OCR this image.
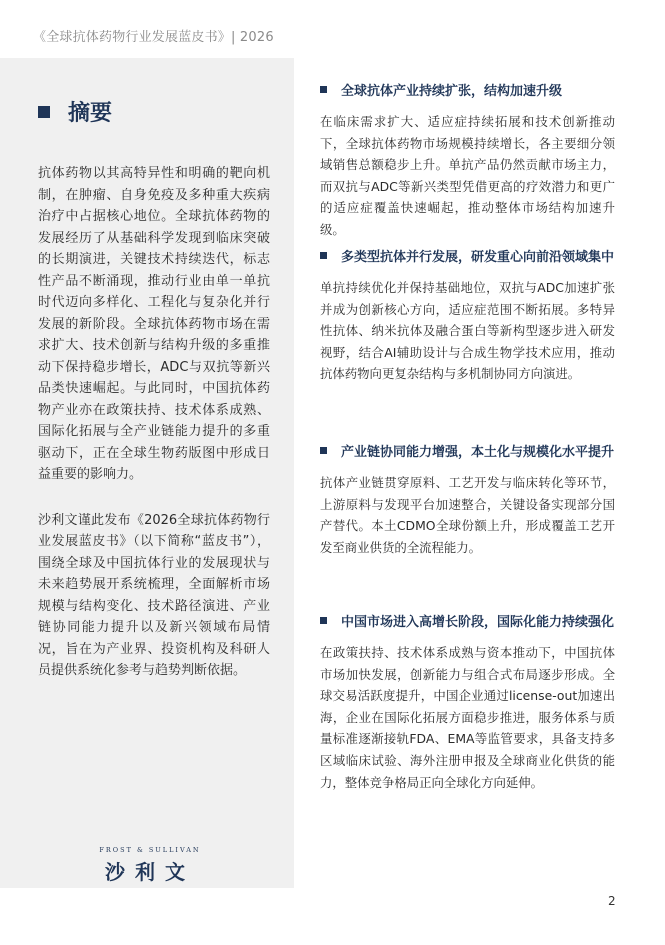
《全球抗体药物行业发展蓝皮书》| 2026
摘要

抗体药物以其高特异性和明确的靶向机制，在肿瘤、自身免疫及多种重大疾病治疗中占据核心地位。全球抗体药物的发展经历了从基础科学发现到临床突破的长期演进，关键技术持续迭代，标志性产品不断涌现，推动行业由单一单抗时代迈向多样化、工程化与复杂化并行发展的新阶段。全球抗体药物市场在需求扩大、技术创新与结构升级的多重推动下保持稳步增长，ADC与双抗等新兴品类快速崛起。与此同时，中国抗体药物产业亦在政策扶持、技术体系成熟、国际化拓展与全产业链能力提升的多重驱动下，正在全球生物药版图中形成日益重要的影响力。

沙利文谨此发布《2026全球抗体药物行业发展蓝皮书》（以下简称“蓝皮书”），围绕全球及中国抗体行业的发展现状与未来趋势展开系统梳理，全面解析市场规模与结构变化、技术路径演进、产业链协同能力提升以及新兴领域布局情况，旨在为产业界、投资机构及科研人员提供系统化参考与趋势判断依据。

FROST & SULLIVAN
沙利文
全球抗体产业持续扩张，结构加速升级
在临床需求扩大、适应症持续拓展和技术创新推动下，全球抗体药物市场规模持续增长，各主要细分领域销售总额稳步上升。单抗产品仍然贡献市场主力，而双抗与ADC等新兴类型凭借更高的疗效潜力和更广的适应症覆盖快速崛起，推动整体市场结构加速升级。
多类型抗体并行发展，研发重心向前沿领域集中
单抗持续优化并保持基础地位，双抗与ADC加速扩张并成为创新核心方向，适应症范围不断拓展。多特异性抗体、纳米抗体及融合蛋白等新构型逐步进入研发视野，结合AI辅助设计与合成生物学技术应用，推动抗体药物向更复杂结构与多机制协同方向演进。
产业链协同能力增强，本土化与规模化水平提升
抗体产业链贯穿原料、工艺开发与临床转化等环节，上游原料与发现平台加速整合，关键设备实现部分国产替代。本土CDMO全球份额上升，形成覆盖工艺开发至商业供货的全流程能力。
中国市场进入高增长阶段，国际化能力持续强化
在政策扶持、技术体系成熟与资本推动下，中国抗体市场加快发展，创新能力与组合式布局逐步形成。全球交易活跃度提升，中国企业通过license-out加速出海，企业在国际化拓展方面稳步推进，服务体系与质量标准逐渐接轨FDA、EMA等监管要求，具备支持多区域临床试验、海外注册申报及全球商业化供货的能力，整体竞争格局正向全球化方向延伸。
2
